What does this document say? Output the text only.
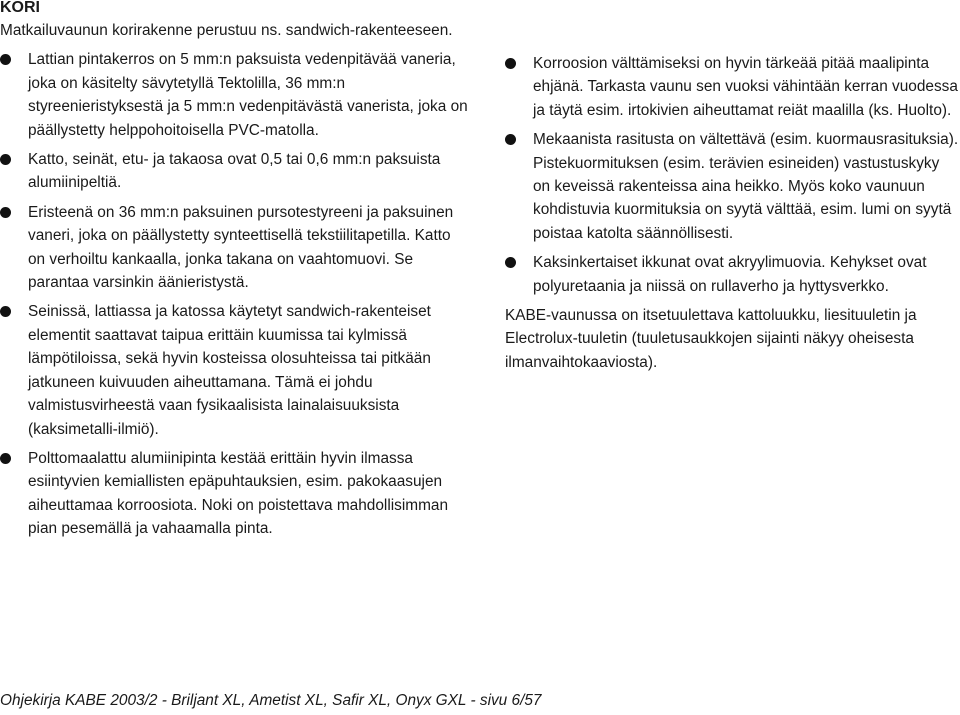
KORI

Matkailuvaunun korirakenne perustuu ns. sandwich-rakenteeseen.

Lattian pintakerros on 5 mm:n paksuista vedenpitävää vaneria, joka on käsitelty sävytetyllä Tektolilla, 36 mm:n styreenieristyksestä ja 5 mm:n vedenpitävästä vanerista, joka on päällystetty helppohoitoisella PVC-matolla.
Katto, seinät, etu- ja takaosa ovat 0,5 tai 0,6 mm:n paksuista alumiinipeltiä.
Eristeenä on 36 mm:n paksuinen pursotestyreeni ja paksuinen vaneri, joka on päällystetty synteettisellä tekstiilitapetilla. Katto on verhoiltu kankaalla, jonka takana on vaahtomuovi. Se parantaa varsinkin äänieristystä.
Seinissä, lattiassa ja katossa käytetyt sandwich-rakenteiset elementit saattavat taipua erittäin kuumissa tai kylmissä lämpötiloissa, sekä hyvin kosteissa olosuhteissa tai pitkään jatkuneen kuivuuden aiheuttamana. Tämä ei johdu valmistusvirheestä vaan fysikaalisista lainalaisuuksista (kaksimetalli-ilmiö).
Polttomaalattu alumiinipinta kestää erittäin hyvin ilmassa esiintyvien kemiallisten epäpuhtauksien, esim. pakokaasujen aiheuttamaa korroosiota. Noki on poistettava mahdollisimman pian pesemällä ja vahaamalla pinta.
Korroosion välttämiseksi on hyvin tärkeää pitää maalipinta ehjänä. Tarkasta vaunu sen vuoksi vähintään kerran vuodessa ja täytä esim. irtokivien aiheuttamat reiät maalilla (ks. Huolto).
Mekaanista rasitusta on vältettävä (esim. kuormausrasituksia). Pistekuormituksen (esim. terävien esineiden) vastustuskyky on keveissä rakenteissa aina heikko. Myös koko vaunuun kohdistuvia kuormituksia on syytä välttää, esim. lumi on syytä poistaa katolta säännöllisesti.
Kaksinkertaiset ikkunat ovat akryylimuovia. Kehykset ovat polyuretaania ja niissä on rullaverho ja hyttysverkko.

KABE-vaunussa on itsetuulettava kattoluukku, liesituuletin ja Electrolux-tuuletin (tuuletusaukkojen sijainti näkyy oheisesta ilmanvaihtokaaviosta).

Ohjekirja KABE 2003/2 - Briljant XL, Ametist XL, Safir XL, Onyx GXL - sivu 6/57
